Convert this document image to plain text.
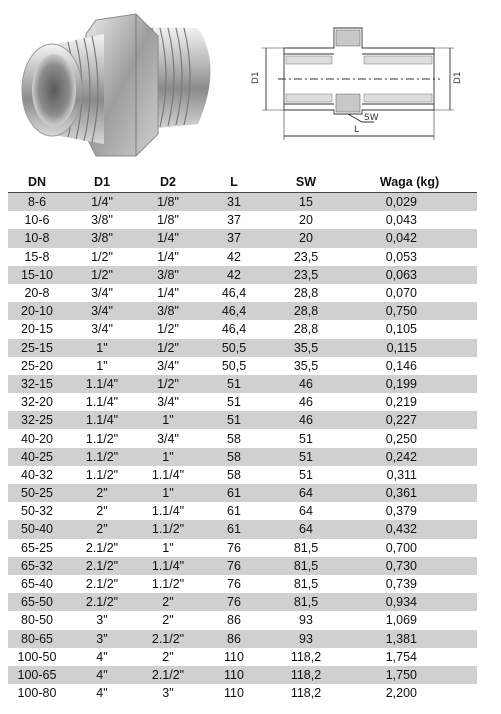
D1	D1
L
SW
DN	D1	D2	L	SW	Waga (kg)
8-6	1/4"	1/8"	31	15	0,029
10-6	3/8"	1/8"	37	20	0,043
10-8	3/8"	1/4"	37	20	0,042
15-8	1/2"	1/4"	42	23,5	0,053
15-10	1/2"	3/8"	42	23,5	0,063
20-8	3/4"	1/4"	46,4	28,8	0,070
20-10	3/4"	3/8"	46,4	28,8	0,750
20-15	3/4"	1/2"	46,4	28,8	0,105
25-15	1"	1/2"	50,5	35,5	0,115
25-20	1"	3/4"	50,5	35,5	0,146
32-15	1.1/4"	1/2"	51	46	0,199
32-20	1.1/4"	3/4"	51	46	0,219
32-25	1.1/4"	1"	51	46	0,227
40-20	1.1/2"	3/4"	58	51	0,250
40-25	1.1/2"	1"	58	51	0,242
40-32	1.1/2"	1.1/4"	58	51	0,311
50-25	2"	1"	61	64	0,361
50-32	2"	1.1/4"	61	64	0,379
50-40	2"	1.1/2"	61	64	0,432
65-25	2.1/2"	1"	76	81,5	0,700
65-32	2.1/2"	1.1/4"	76	81,5	0,730
65-40	2.1/2"	1.1/2"	76	81,5	0,739
65-50	2.1/2"	2"	76	81,5	0,934
80-50	3"	2"	86	93	1,069
80-65	3"	2.1/2"	86	93	1,381
100-50	4"	2"	110	118,2	1,754
100-65	4"	2.1/2"	110	118,2	1,750
100-80	4"	3"	110	118,2	2,200
